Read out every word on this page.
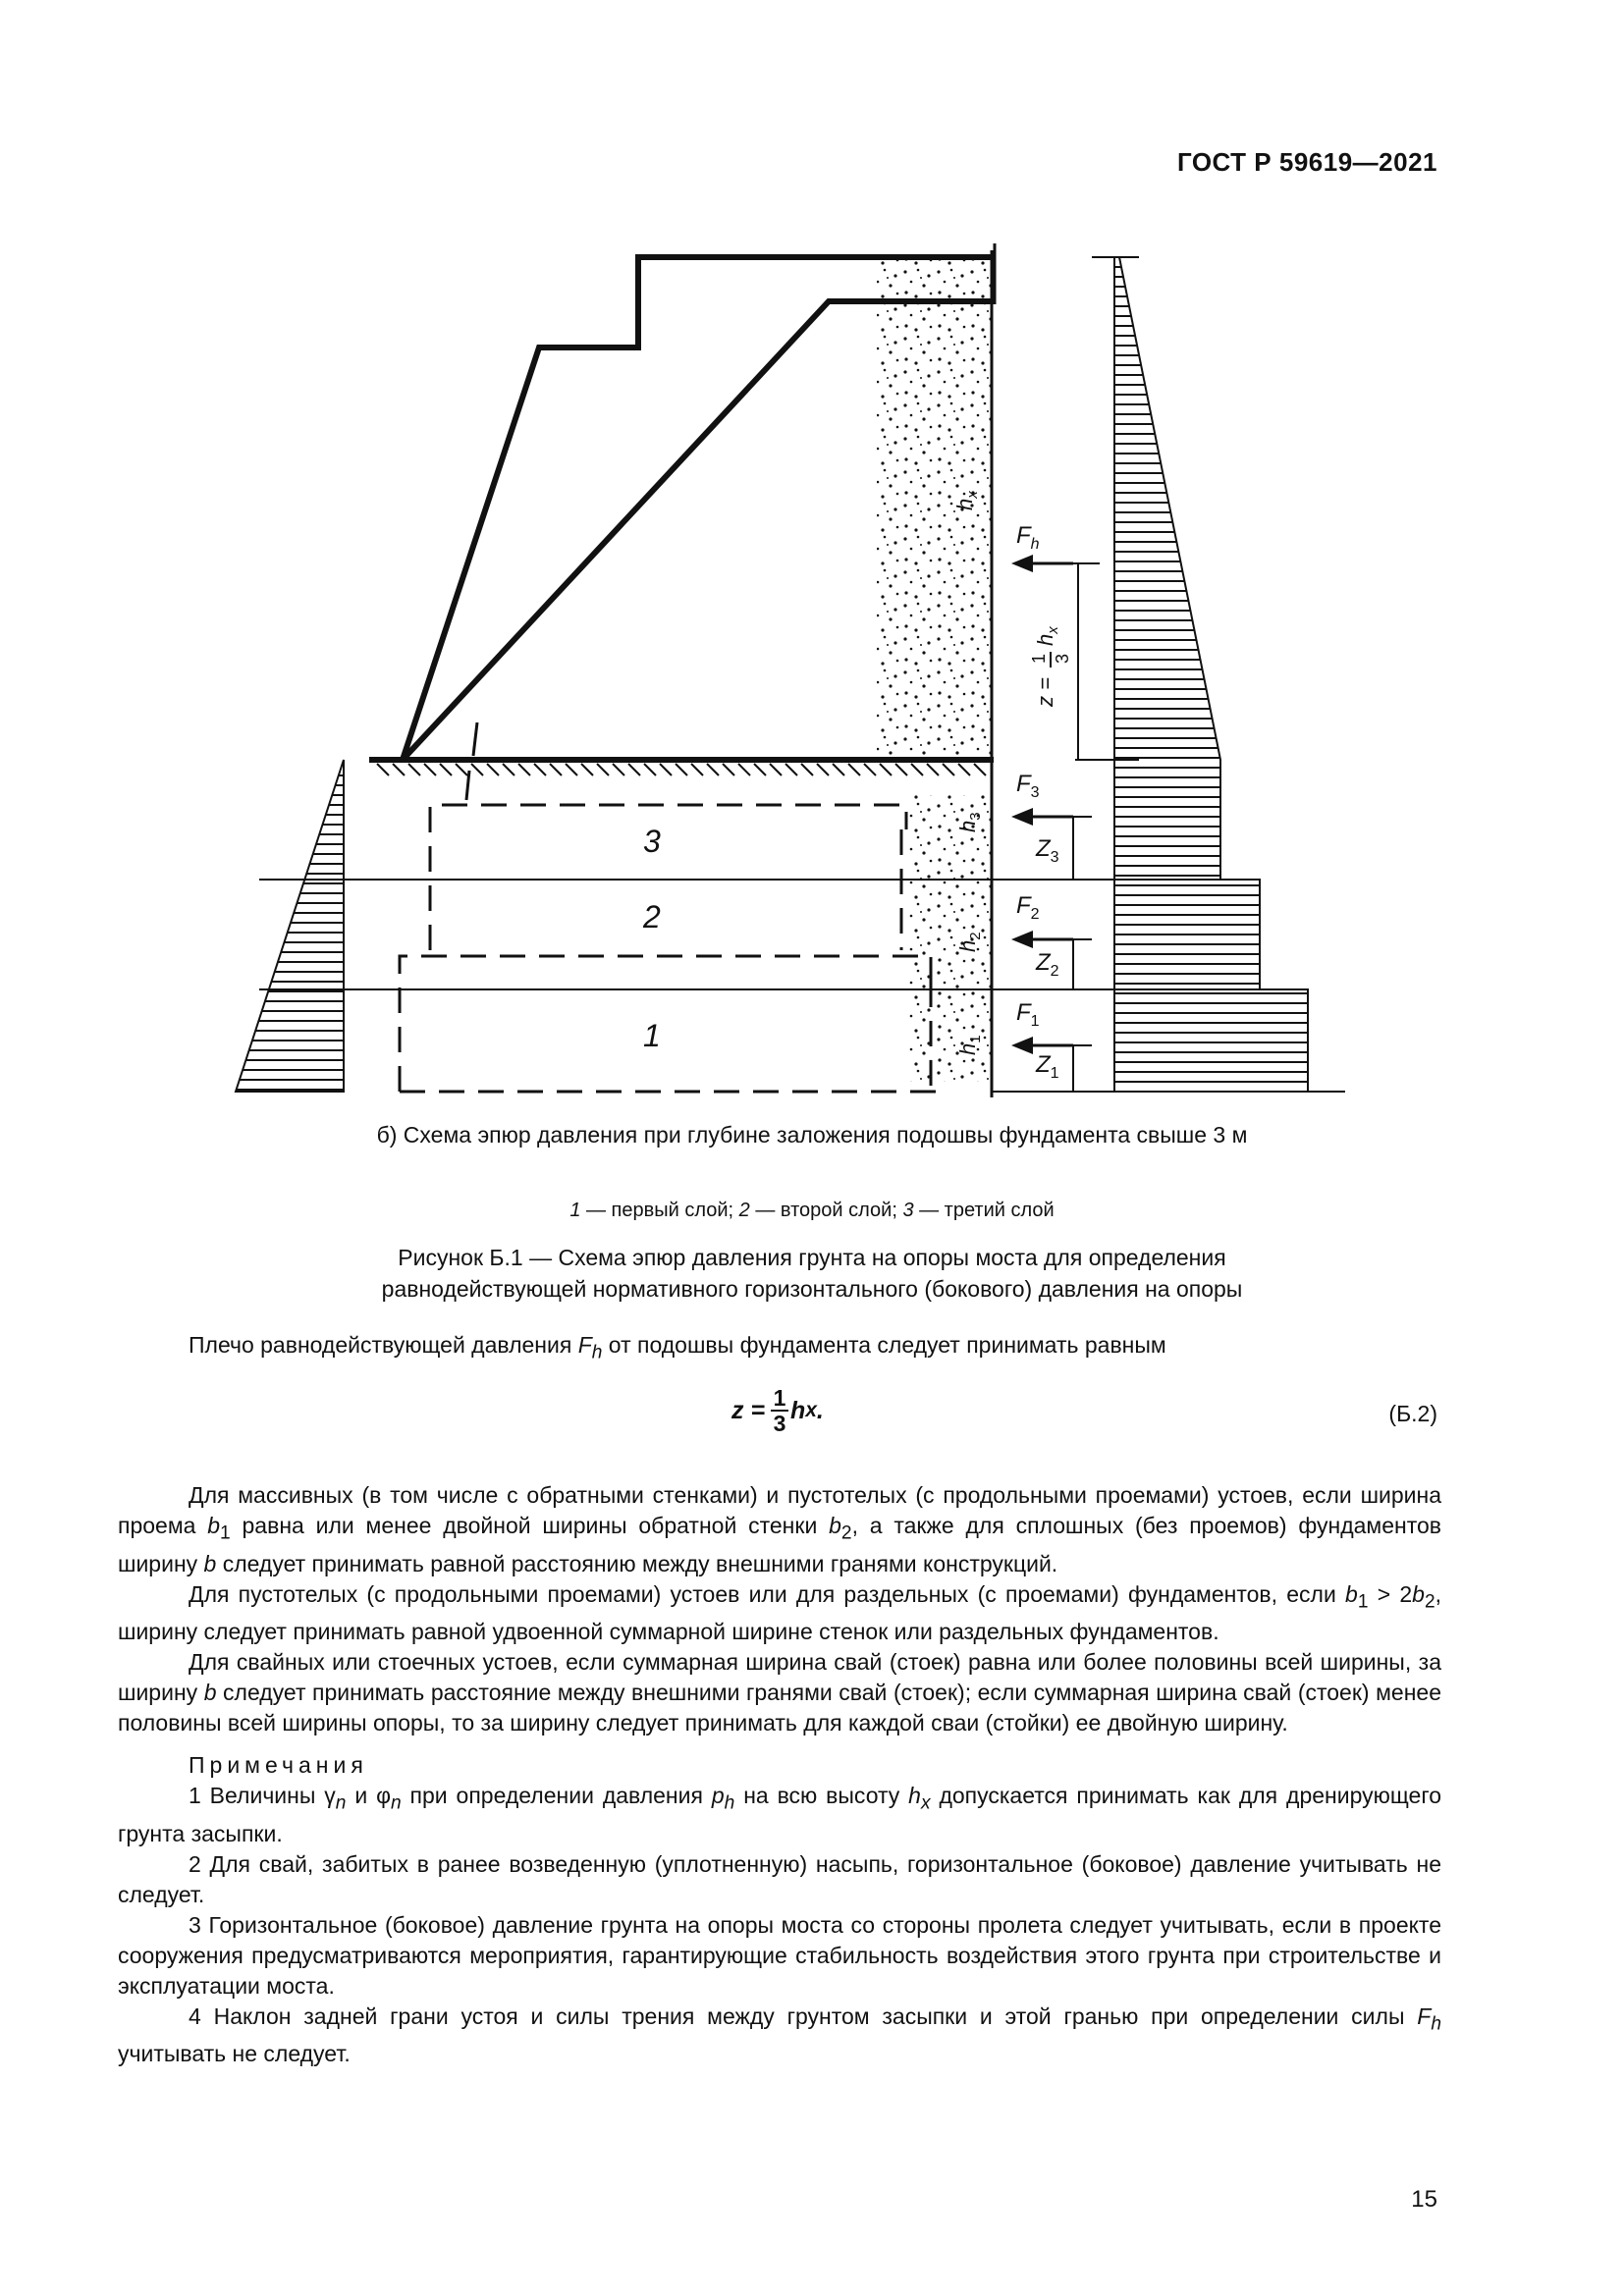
ГОСТ Р 59619—2021
$h_x$
$F_h$
z =
1 3
$h_x$
$F_3$
$Z_3$
$F_2$
$Z_2$
$F_1$
$Z_1$
$h_3$
$h_2$
$h_1$
3
2
1
б) Схема эпюр давления при глубине заложения подошвы фундамента свыше 3 м
1 — первый слой; 2 — второй слой; 3 — третий слой
Рисунок Б.1 — Схема эпюр давления грунта на опоры моста для определения
равнодействующей нормативного горизонтального (бокового) давления на опоры
Плечо равнодействующей давления $F_h$ от подошвы фундамента следует принимать равным
$z = \frac{1}{3}$ h x .	(Б.2)

Для массивных (в том числе с обратными стенками) и пустотелых (с продольными проемами) устоев, если ширина проема $b_1$ равна или менее двойной ширины обратной стенки $b_2$, а также для сплошных (без проемов) фундаментов ширину b следует принимать равной расстоянию между внешними гранями конструкций.

Для пустотелых (с продольными проемами) устоев или для раздельных (с проемами) фундаментов, если $b_1 > 2b_2$, ширину следует принимать равной удвоенной суммарной ширине стенок или раздельных фундаментов.

Для свайных или стоечных устоев, если суммарная ширина свай (стоек) равна или более половины всей ширины, за ширину b следует принимать расстояние между внешними гранями свай (стоек); если суммарная ширина свай (стоек) менее половины всей ширины опоры, то за ширину следует принимать для каждой сваи (стойки) ее двойную ширину.

Примечания

1 Величины $\gamma_n$ и $\varphi_n$ при определении давления $p_h$ на всю высоту $h_x$ допускается принимать как для дренирующего грунта засыпки.

2 Для свай, забитых в ранее возведенную (уплотненную) насыпь, горизонтальное (боковое) давление учитывать не следует.

3 Горизонтальное (боковое) давление грунта на опоры моста со стороны пролета следует учитывать, если в проекте сооружения предусматриваются мероприятия, гарантирующие стабильность воздействия этого грунта при строительстве и эксплуатации моста.

4 Наклон задней грани устоя и силы трения между грунтом засыпки и этой гранью при определении силы $F_h$ учитывать не следует.

15
